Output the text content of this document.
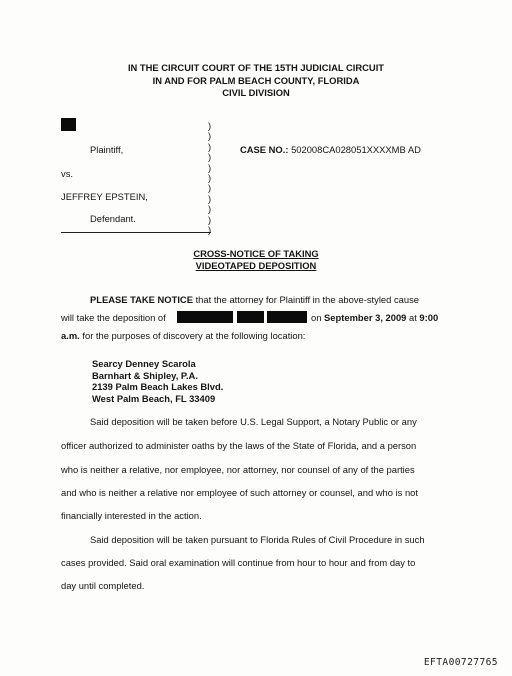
IN THE CIRCUIT COURT OF THE 15TH JUDICIAL CIRCUIT
IN AND FOR PALM BEACH COUNTY, FLORIDA
CIVIL DIVISION
Plaintiff,
vs.
JEFFREY EPSTEIN,
Defendant.
)
)
)
)
)
)
)
)
)
)
)
CASE NO.: 502008CA028051XXXXMB AD
CROSS-NOTICE OF TAKING
VIDEOTAPED DEPOSITION
PLEASE TAKE NOTICE that the attorney for Plaintiff in the above-styled cause
will take the deposition of	on September 3, 2009 at 9:00
a.m. for the purposes of discovery at the following location:
Searcy Denney Scarola
Barnhart & Shipley, P.A.
2139 Palm Beach Lakes Blvd.
West Palm Beach, FL 33409
Said deposition will be taken before U.S. Legal Support, a Notary Public or any
officer authorized to administer oaths by the laws of the State of Florida, and a person
who is neither a relative, nor employee, nor attorney, nor counsel of any of the parties
and who is neither a relative nor employee of such attorney or counsel, and who is not
financially interested in the action.
Said deposition will be taken pursuant to Florida Rules of Civil Procedure in such
cases provided. Said oral examination will continue from hour to hour and from day to
day until completed.
EFTA00727765
